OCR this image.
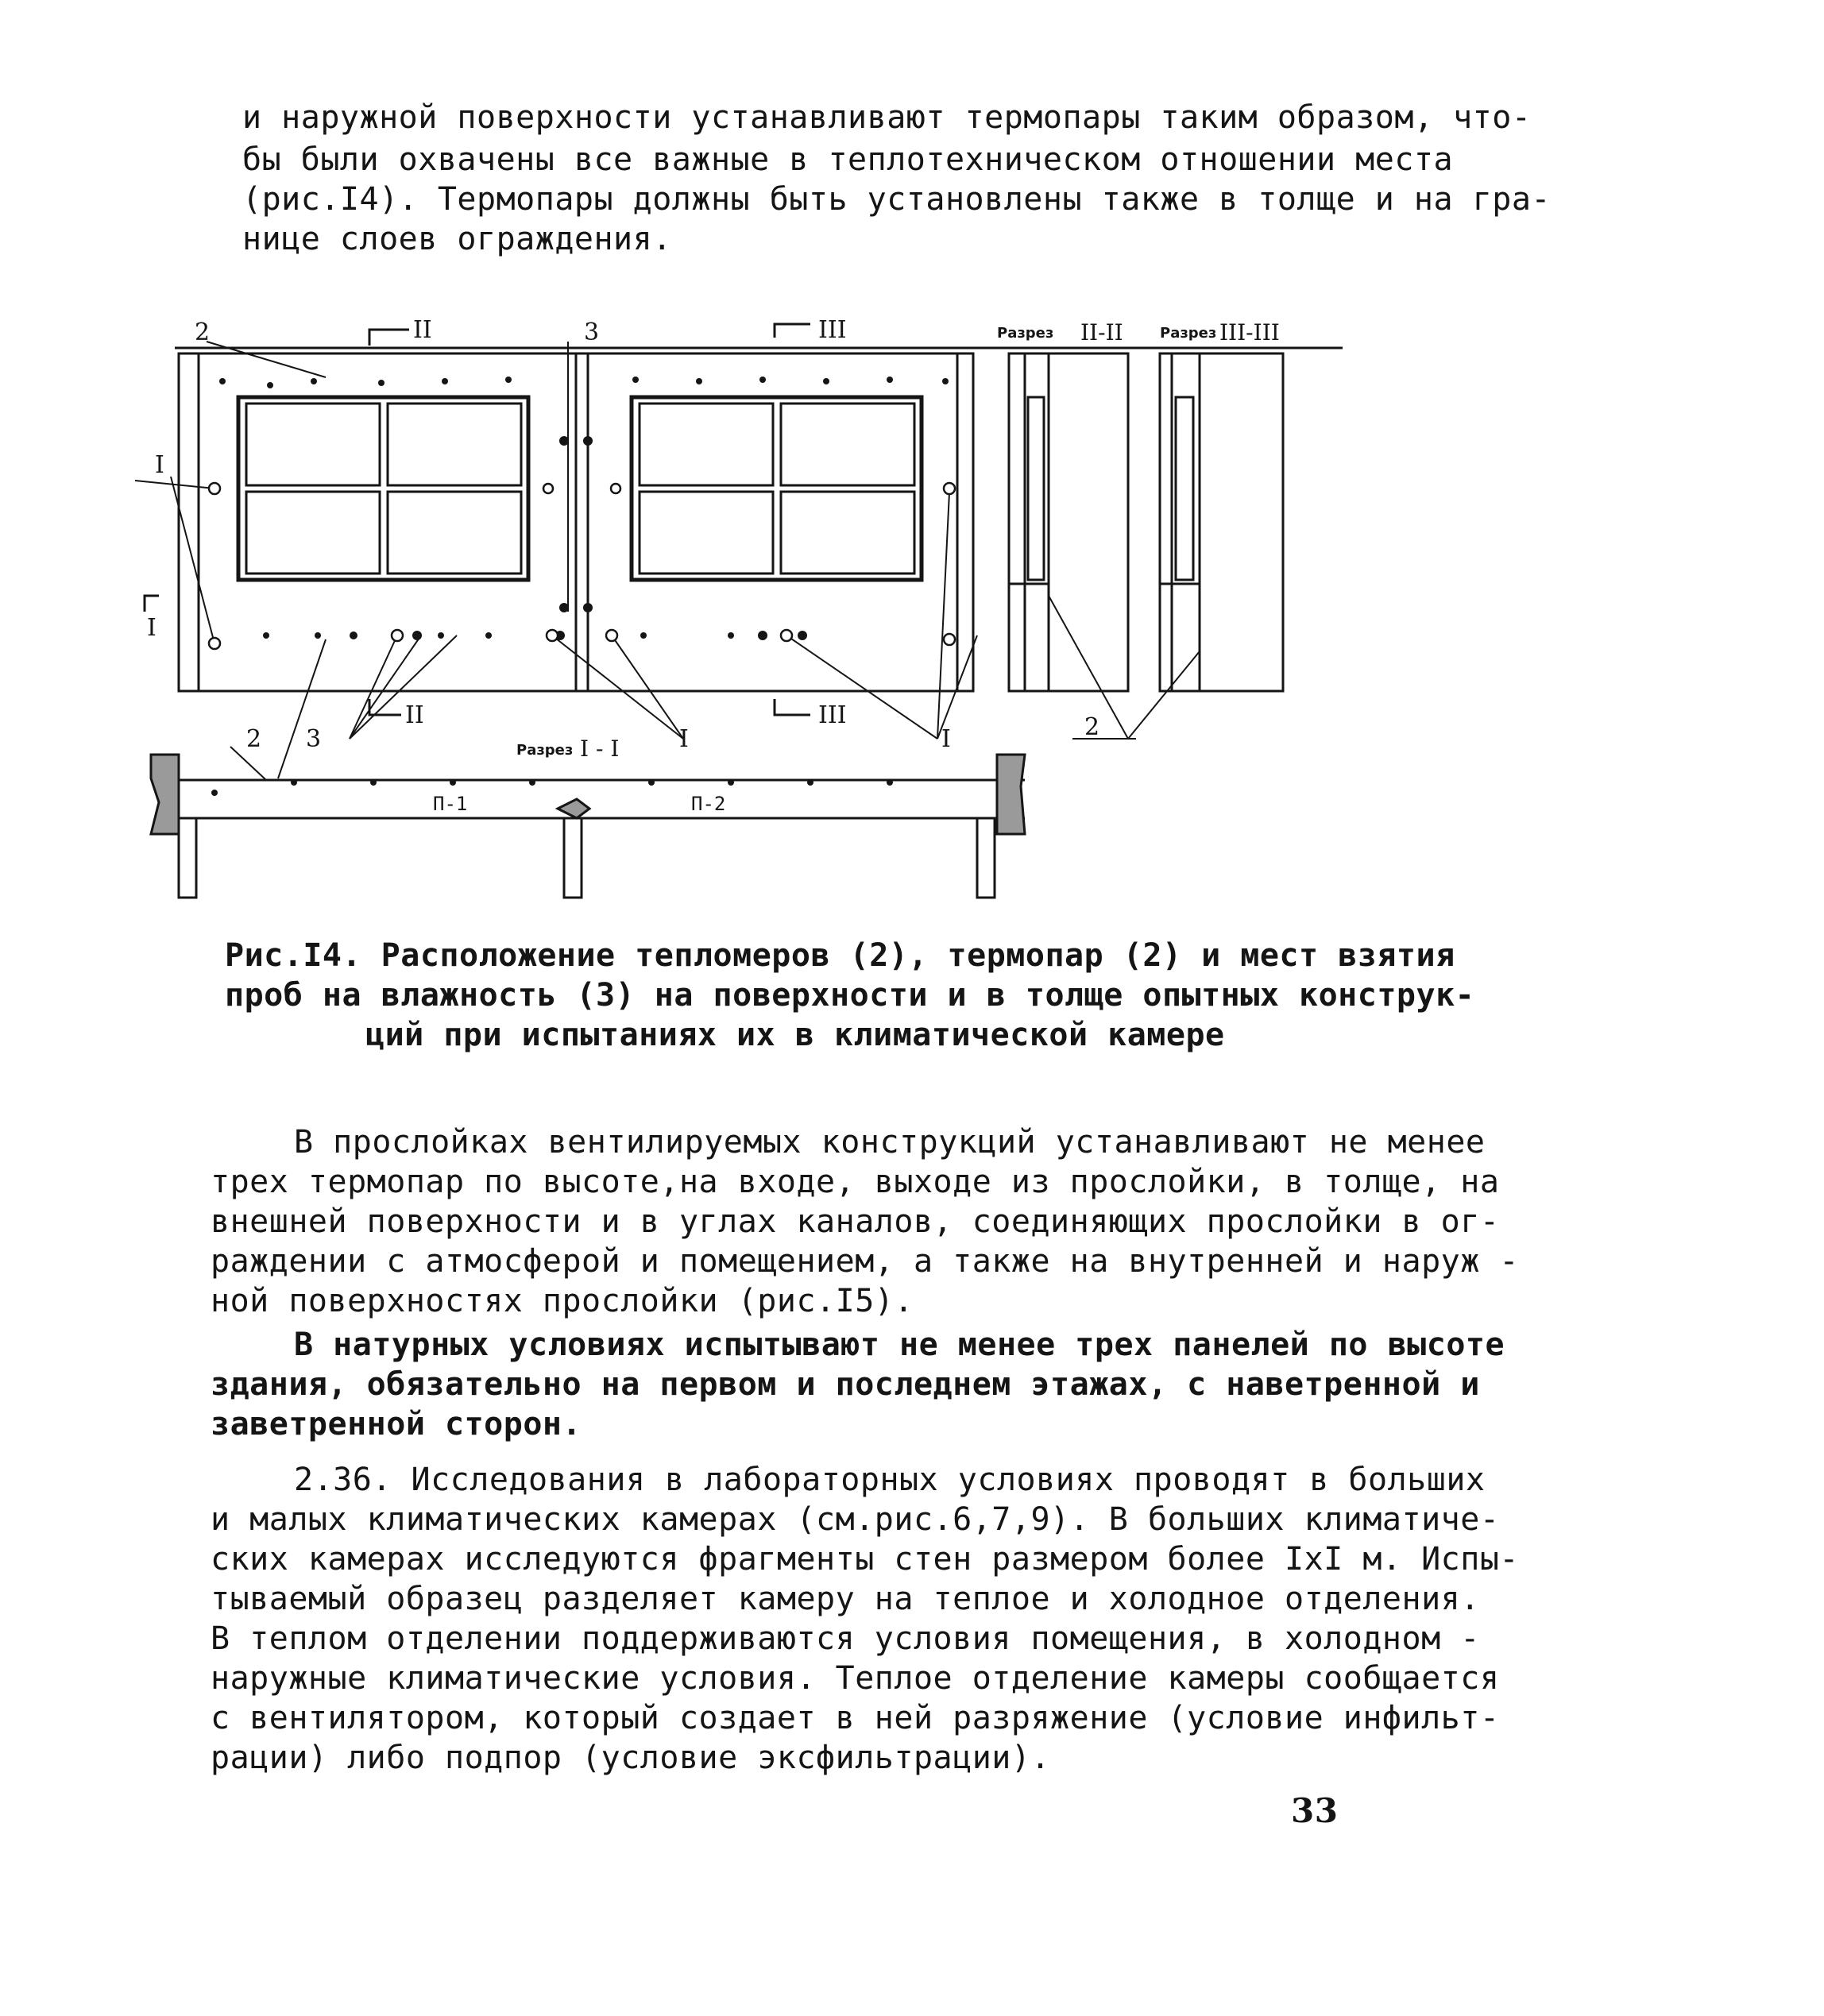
и наружной поверхности устанавливают термопары таким образом, что-
бы были охвачены все важные в теплотехническом отношении места
(рис.I4). Термопары должны быть установлены также в толще и на гра-
нице слоев ограждения.
II	III
I
II	III
2	3
I
I
3
2	2
I
Разрез II-II	Разрез III-III
Разрез I - I
П-1	П-2
Рис.I4. Расположение тепломеров (2), термопар (2) и мест взятия
проб на влажность (3) на поверхности и в толще опытных конструк-
ций при испытаниях их в климатической камере
В прослойках вентилируемых конструкций устанавливают не менее
трех термопар по высоте,на входе, выходе из прослойки, в толще, на
внешней поверхности и в углах каналов, соединяющих прослойки в ог-
раждении с атмосферой и помещением, а также на внутренней и наруж -
ной поверхностях прослойки (рис.I5).
В натурных условиях испытывают не менее трех панелей по высоте
здания, обязательно на первом и последнем этажах, с наветренной и
заветренной сторон.
2.36. Исследования в лабораторных условиях проводят в больших
и малых климатических камерах (см.рис.6,7,9). В больших климатиче-
ских камерах исследуются фрагменты стен размером более IxI м. Испы-
тываемый образец разделяет камеру на теплое и холодное отделения.
В теплом отделении поддерживаются условия помещения, в холодном -
наружные климатические условия. Теплое отделение камеры сообщается
с вентилятором, который создает в ней разряжение (условие инфильт-
рации) либо подпор (условие эксфильтрации).
33
